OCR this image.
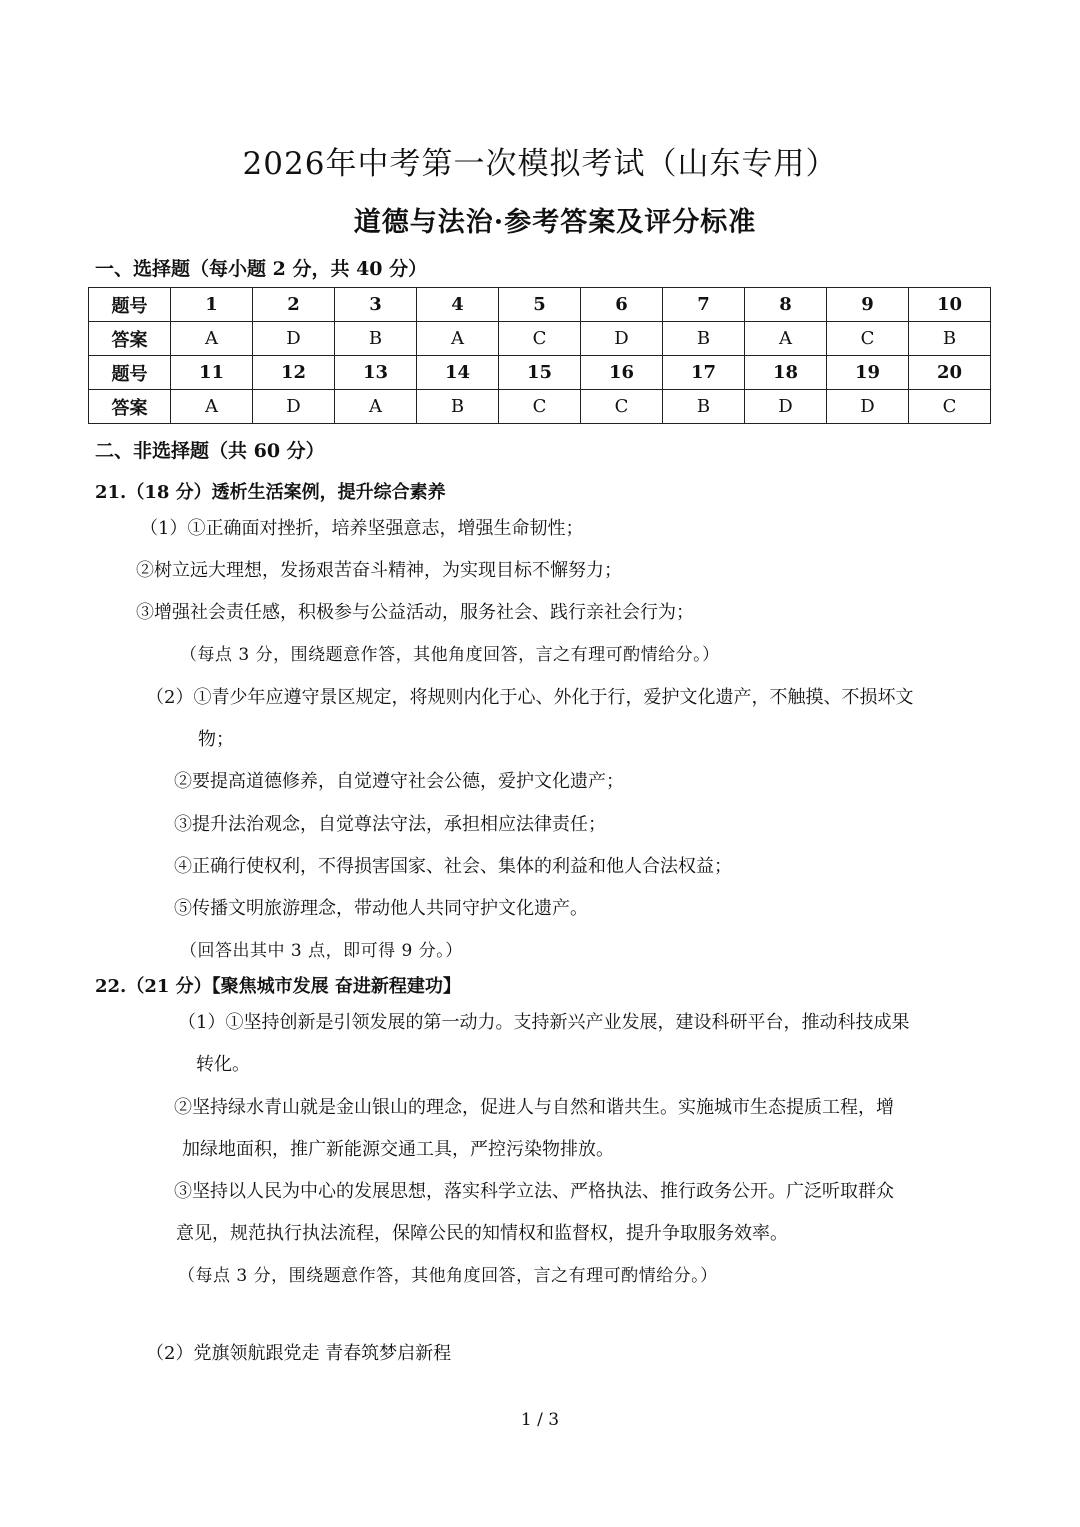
2026年中考第一次模拟考试（山东专用）
道德与法治·参考答案及评分标准
一、选择题（每小题 2 分，共 40 分）
题号	1	2	3	4	5	6	7	8	9	10
答案	A	D	B	A	C	D	B	A	C	B
题号	11	12	13	14	15	16	17	18	19	20
答案	A	D	A	B	C	C	B	D	D	C
二、非选择题（共 60 分）
21.（18 分）透析生活案例，提升综合素养
（1）①正确面对挫折，培养坚强意志，增强生命韧性；
②树立远大理想，发扬艰苦奋斗精神，为实现目标不懈努力；
③增强社会责任感，积极参与公益活动，服务社会、践行亲社会行为；
（每点 3 分，围绕题意作答，其他角度回答，言之有理可酌情给分。）
（2）①青少年应遵守景区规定，将规则内化于心、外化于行，爱护文化遗产，不触摸、不损坏文
物；
②要提高道德修养，自觉遵守社会公德，爱护文化遗产；
③提升法治观念，自觉尊法守法，承担相应法律责任；
④正确行使权利，不得损害国家、社会、集体的利益和他人合法权益；
⑤传播文明旅游理念，带动他人共同守护文化遗产。
（回答出其中 3 点，即可得 9 分。）
22.（21 分）【聚焦城市发展 奋进新程建功】
（1）①坚持创新是引领发展的第一动力。支持新兴产业发展，建设科研平台，推动科技成果
转化。
②坚持绿水青山就是金山银山的理念，促进人与自然和谐共生。实施城市生态提质工程，增
加绿地面积，推广新能源交通工具，严控污染物排放。
③坚持以人民为中心的发展思想，落实科学立法、严格执法、推行政务公开。广泛听取群众
意见，规范执行执法流程，保障公民的知情权和监督权，提升争取服务效率。
（每点 3 分，围绕题意作答，其他角度回答，言之有理可酌情给分。）
（2）党旗领航跟党走 青春筑梦启新程
1 / 3
